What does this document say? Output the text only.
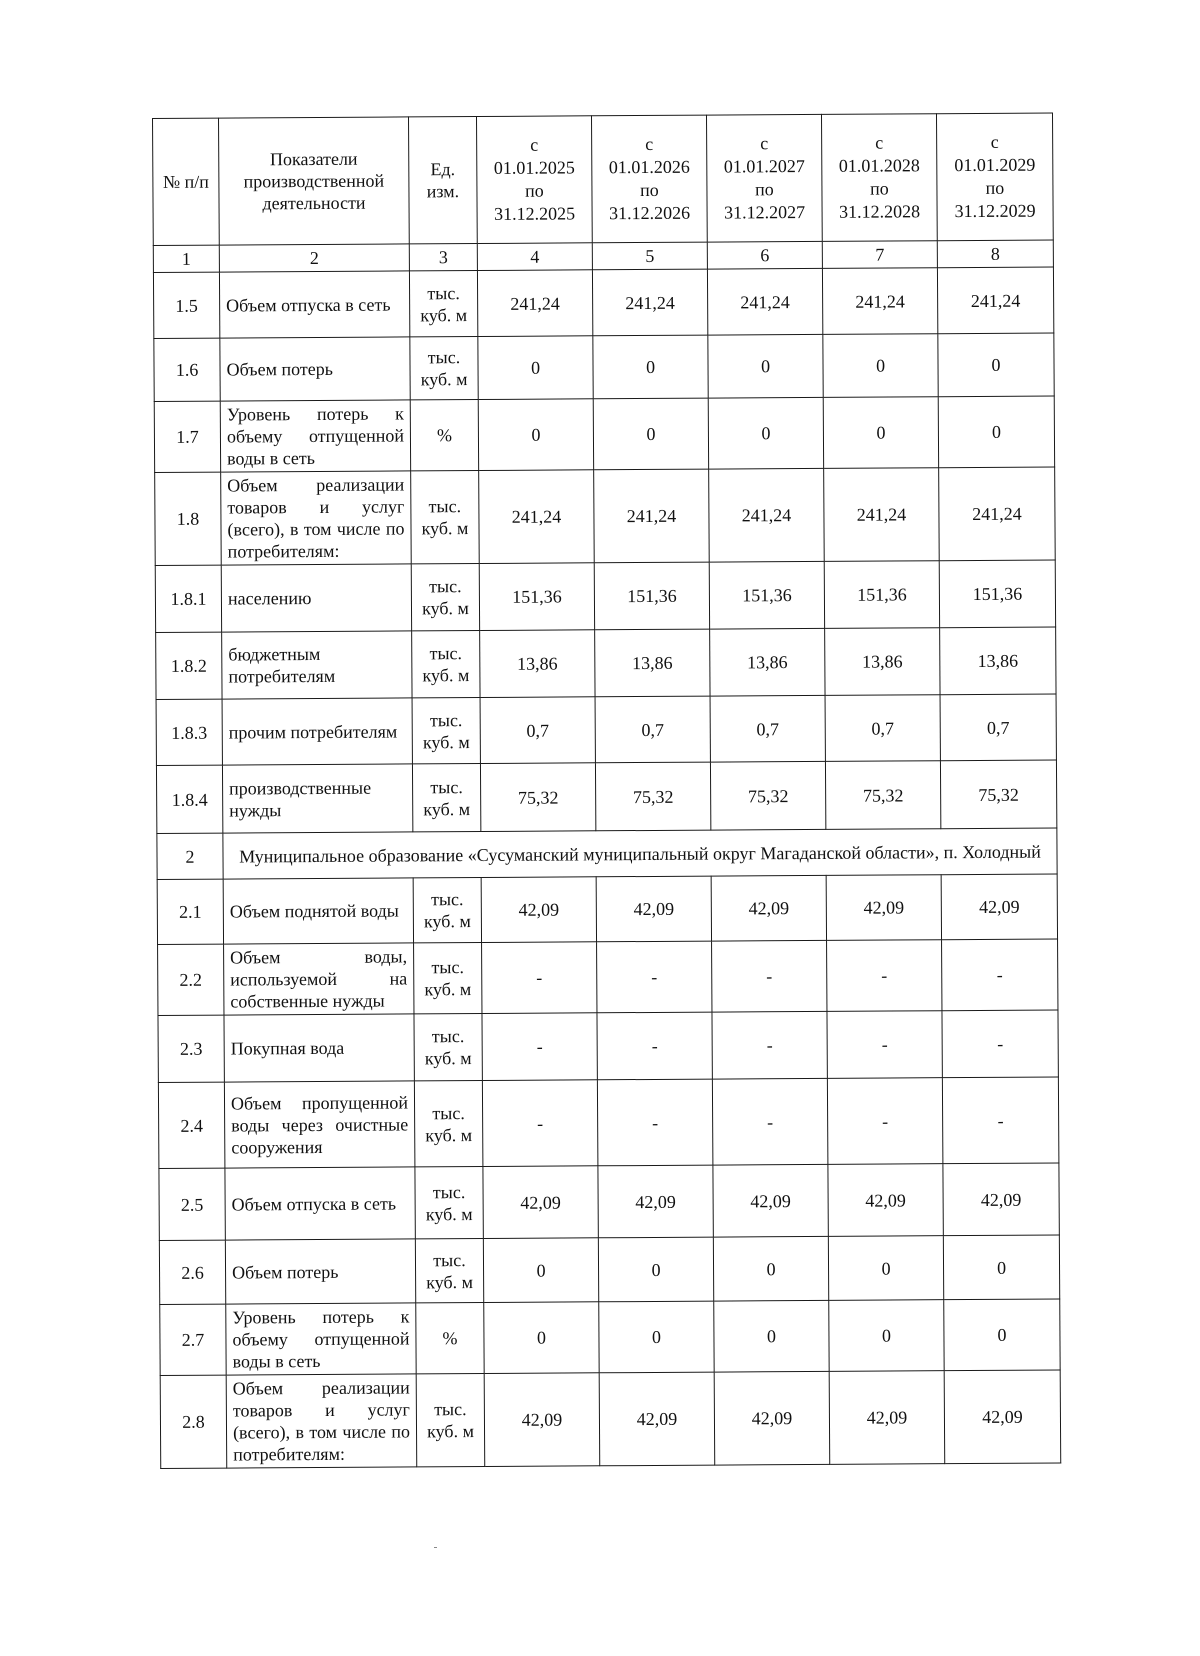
№ п/п	Показатели производственной деятельности	Ед. изм.	с
01.01.2025
по
31.12.2025	с
01.01.2026
по
31.12.2026	с
01.01.2027
по
31.12.2027	с
01.01.2028
по
31.12.2028	с
01.01.2029
по
31.12.2029

1	2	3	4	5	6	7	8
1.5	Объем отпуска в сеть	тыс. куб. м	241,24	241,24	241,24	241,24	241,24
1.6	Объем потерь	тыс. куб. м	0	0	0	0	0
1.7	Уровень потерь к объему отпущенной воды в сеть	%	0	0	0	0	0
1.8	Объем реализации товаров и услуг (всего), в том числе по потребителям:	тыс. куб. м	241,24	241,24	241,24	241,24	241,24
1.8.1	населению	тыс. куб. м	151,36	151,36	151,36	151,36	151,36
1.8.2	бюджетным потребителям	тыс. куб. м	13,86	13,86	13,86	13,86	13,86
1.8.3	прочим потребителям	тыс. куб. м	0,7	0,7	0,7	0,7	0,7
1.8.4	производственные нужды	тыс. куб. м	75,32	75,32	75,32	75,32	75,32
2	Муниципальное образование «Сусуманский муниципальный округ Магаданской области», п. Холодный						
2.1	Объем поднятой воды	тыс. куб. м	42,09	42,09	42,09	42,09	42,09
2.2	Объем воды, используемой на собственные нужды	тыс. куб. м	-	-	-	-	-
2.3	Покупная вода	тыс. куб. м	-	-	-	-	-
2.4	Объем пропущенной воды через очистные сооружения	тыс. куб. м	-	-	-	-	-
2.5	Объем отпуска в сеть	тыс. куб. м	42,09	42,09	42,09	42,09	42,09
2.6	Объем потерь	тыс. куб. м	0	0	0	0	0
2.7	Уровень потерь к объему отпущенной воды в сеть	%	0	0	0	0	0
2.8	Объем реализации товаров и услуг (всего), в том числе по потребителям:	тыс. куб. м	42,09	42,09	42,09	42,09	42,09
